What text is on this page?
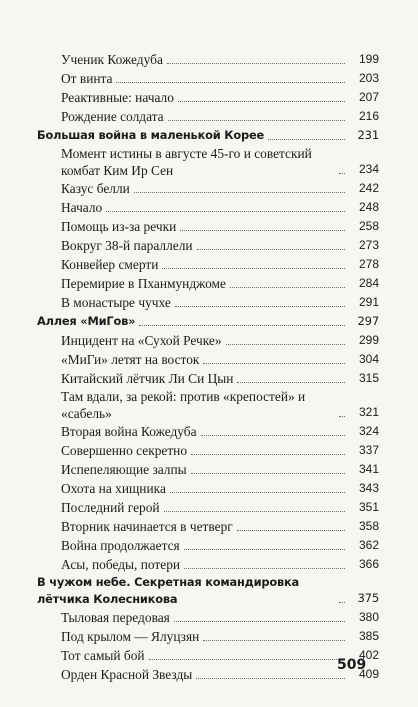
Ученик Кожедуба	199
От винта	203
Реактивные: начало	207
Рождение солдата	216
Большая война в маленькой Корее	231
Момент истины в августе 45-го и советский комбат Ким Ир Сен	234
Казус белли	242
Начало	248
Помощь из-за речки	258
Вокруг 38-й параллели	273
Конвейер смерти	278
Перемирие в Пханмунджоме	284
В монастыре чучхе	291
Аллея «МиГов»	297
Инцидент на «Сухой Речке»	299
«МиГи» летят на восток	304
Китайский лётчик Ли Си Цын	315
Там вдали, за рекой: против «крепостей» и «сабель»	321
Вторая война Кожедуба	324
Совершенно секретно	337
Испепеляющие залпы	341
Охота на хищника	343
Последний герой	351
Вторник начинается в четверг	358
Война продолжается	362
Асы, победы, потери	366
В чужом небе. Секретная командировка лётчика Колесникова	375
Тыловая передовая	380
Под крылом — Ялуцзян	385
Тот самый бой	402
Орден Красной Звезды	409
509
